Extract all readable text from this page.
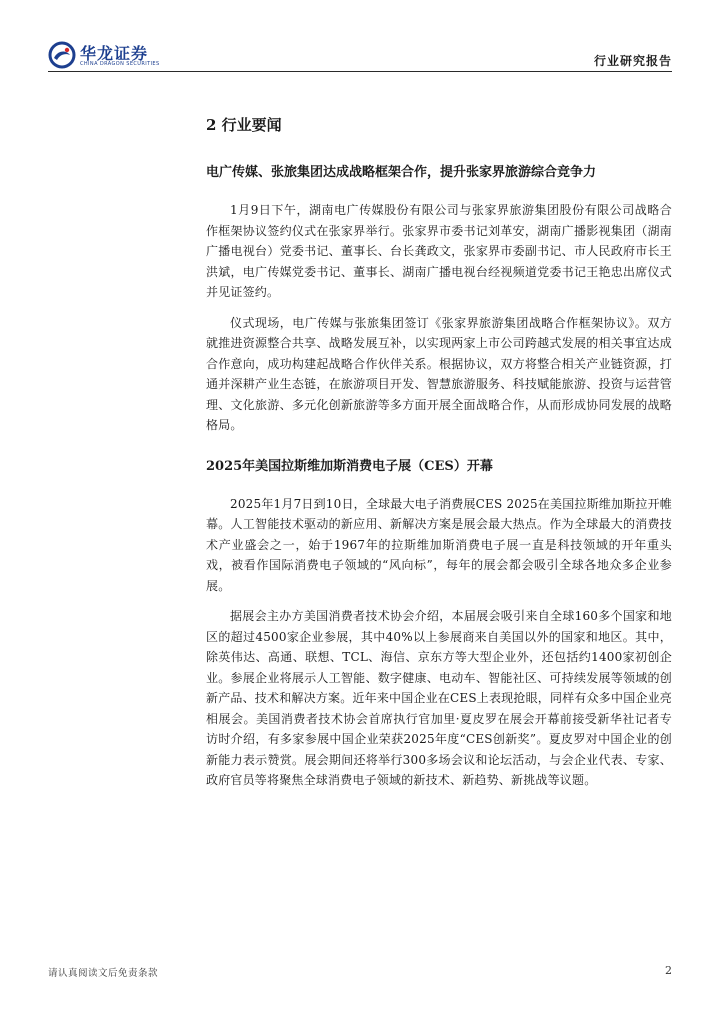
华龙证券
CHINA DRAGON SECURITIES	行业研究报告
2 行业要闻
电广传媒、张旅集团达成战略框架合作，提升张家界旅游综合竞争力

1月9日下午，湖南电广传媒股份有限公司与张家界旅游集团股份有限公司战略合作框架协议签约仪式在张家界举行。张家界市委书记刘革安，湖南广播影视集团（湖南广播电视台）党委书记、董事长、台长龚政文，张家界市委副书记、市人民政府市长王洪斌，电广传媒党委书记、董事长、湖南广播电视台经视频道党委书记王艳忠出席仪式并见证签约。

仪式现场，电广传媒与张旅集团签订《张家界旅游集团战略合作框架协议》。双方就推进资源整合共享、战略发展互补，以实现两家上市公司跨越式发展的相关事宜达成合作意向，成功构建起战略合作伙伴关系。根据协议，双方将整合相关产业链资源，打通并深耕产业生态链，在旅游项目开发、智慧旅游服务、科技赋能旅游、投资与运营管理、文化旅游、多元化创新旅游等多方面开展全面战略合作，从而形成协同发展的战略格局。

2025年美国拉斯维加斯消费电子展（CES）开幕

2025年1月7日到10日，全球最大电子消费展CES 2025在美国拉斯维加斯拉开帷幕。人工智能技术驱动的新应用、新解决方案是展会最大热点。作为全球最大的消费技术产业盛会之一，始于1967年的拉斯维加斯消费电子展一直是科技领域的开年重头戏，被看作国际消费电子领域的“风向标”，每年的展会都会吸引全球各地众多企业参展。

据展会主办方美国消费者技术协会介绍，本届展会吸引来自全球160多个国家和地区的超过4500家企业参展，其中40%以上参展商来自美国以外的国家和地区。其中，除英伟达、高通、联想、TCL、海信、京东方等大型企业外，还包括约1400家初创企业。参展企业将展示人工智能、数字健康、电动车、智能社区、可持续发展等领域的创新产品、技术和解决方案。近年来中国企业在CES上表现抢眼，同样有众多中国企业亮相展会。美国消费者技术协会首席执行官加里·夏皮罗在展会开幕前接受新华社记者专访时介绍，有多家参展中国企业荣获2025年度“CES创新奖”。夏皮罗对中国企业的创新能力表示赞赏。展会期间还将举行300多场会议和论坛活动，与会企业代表、专家、政府官员等将聚焦全球消费电子领域的新技术、新趋势、新挑战等议题。

请认真阅读文后免责条款	2
